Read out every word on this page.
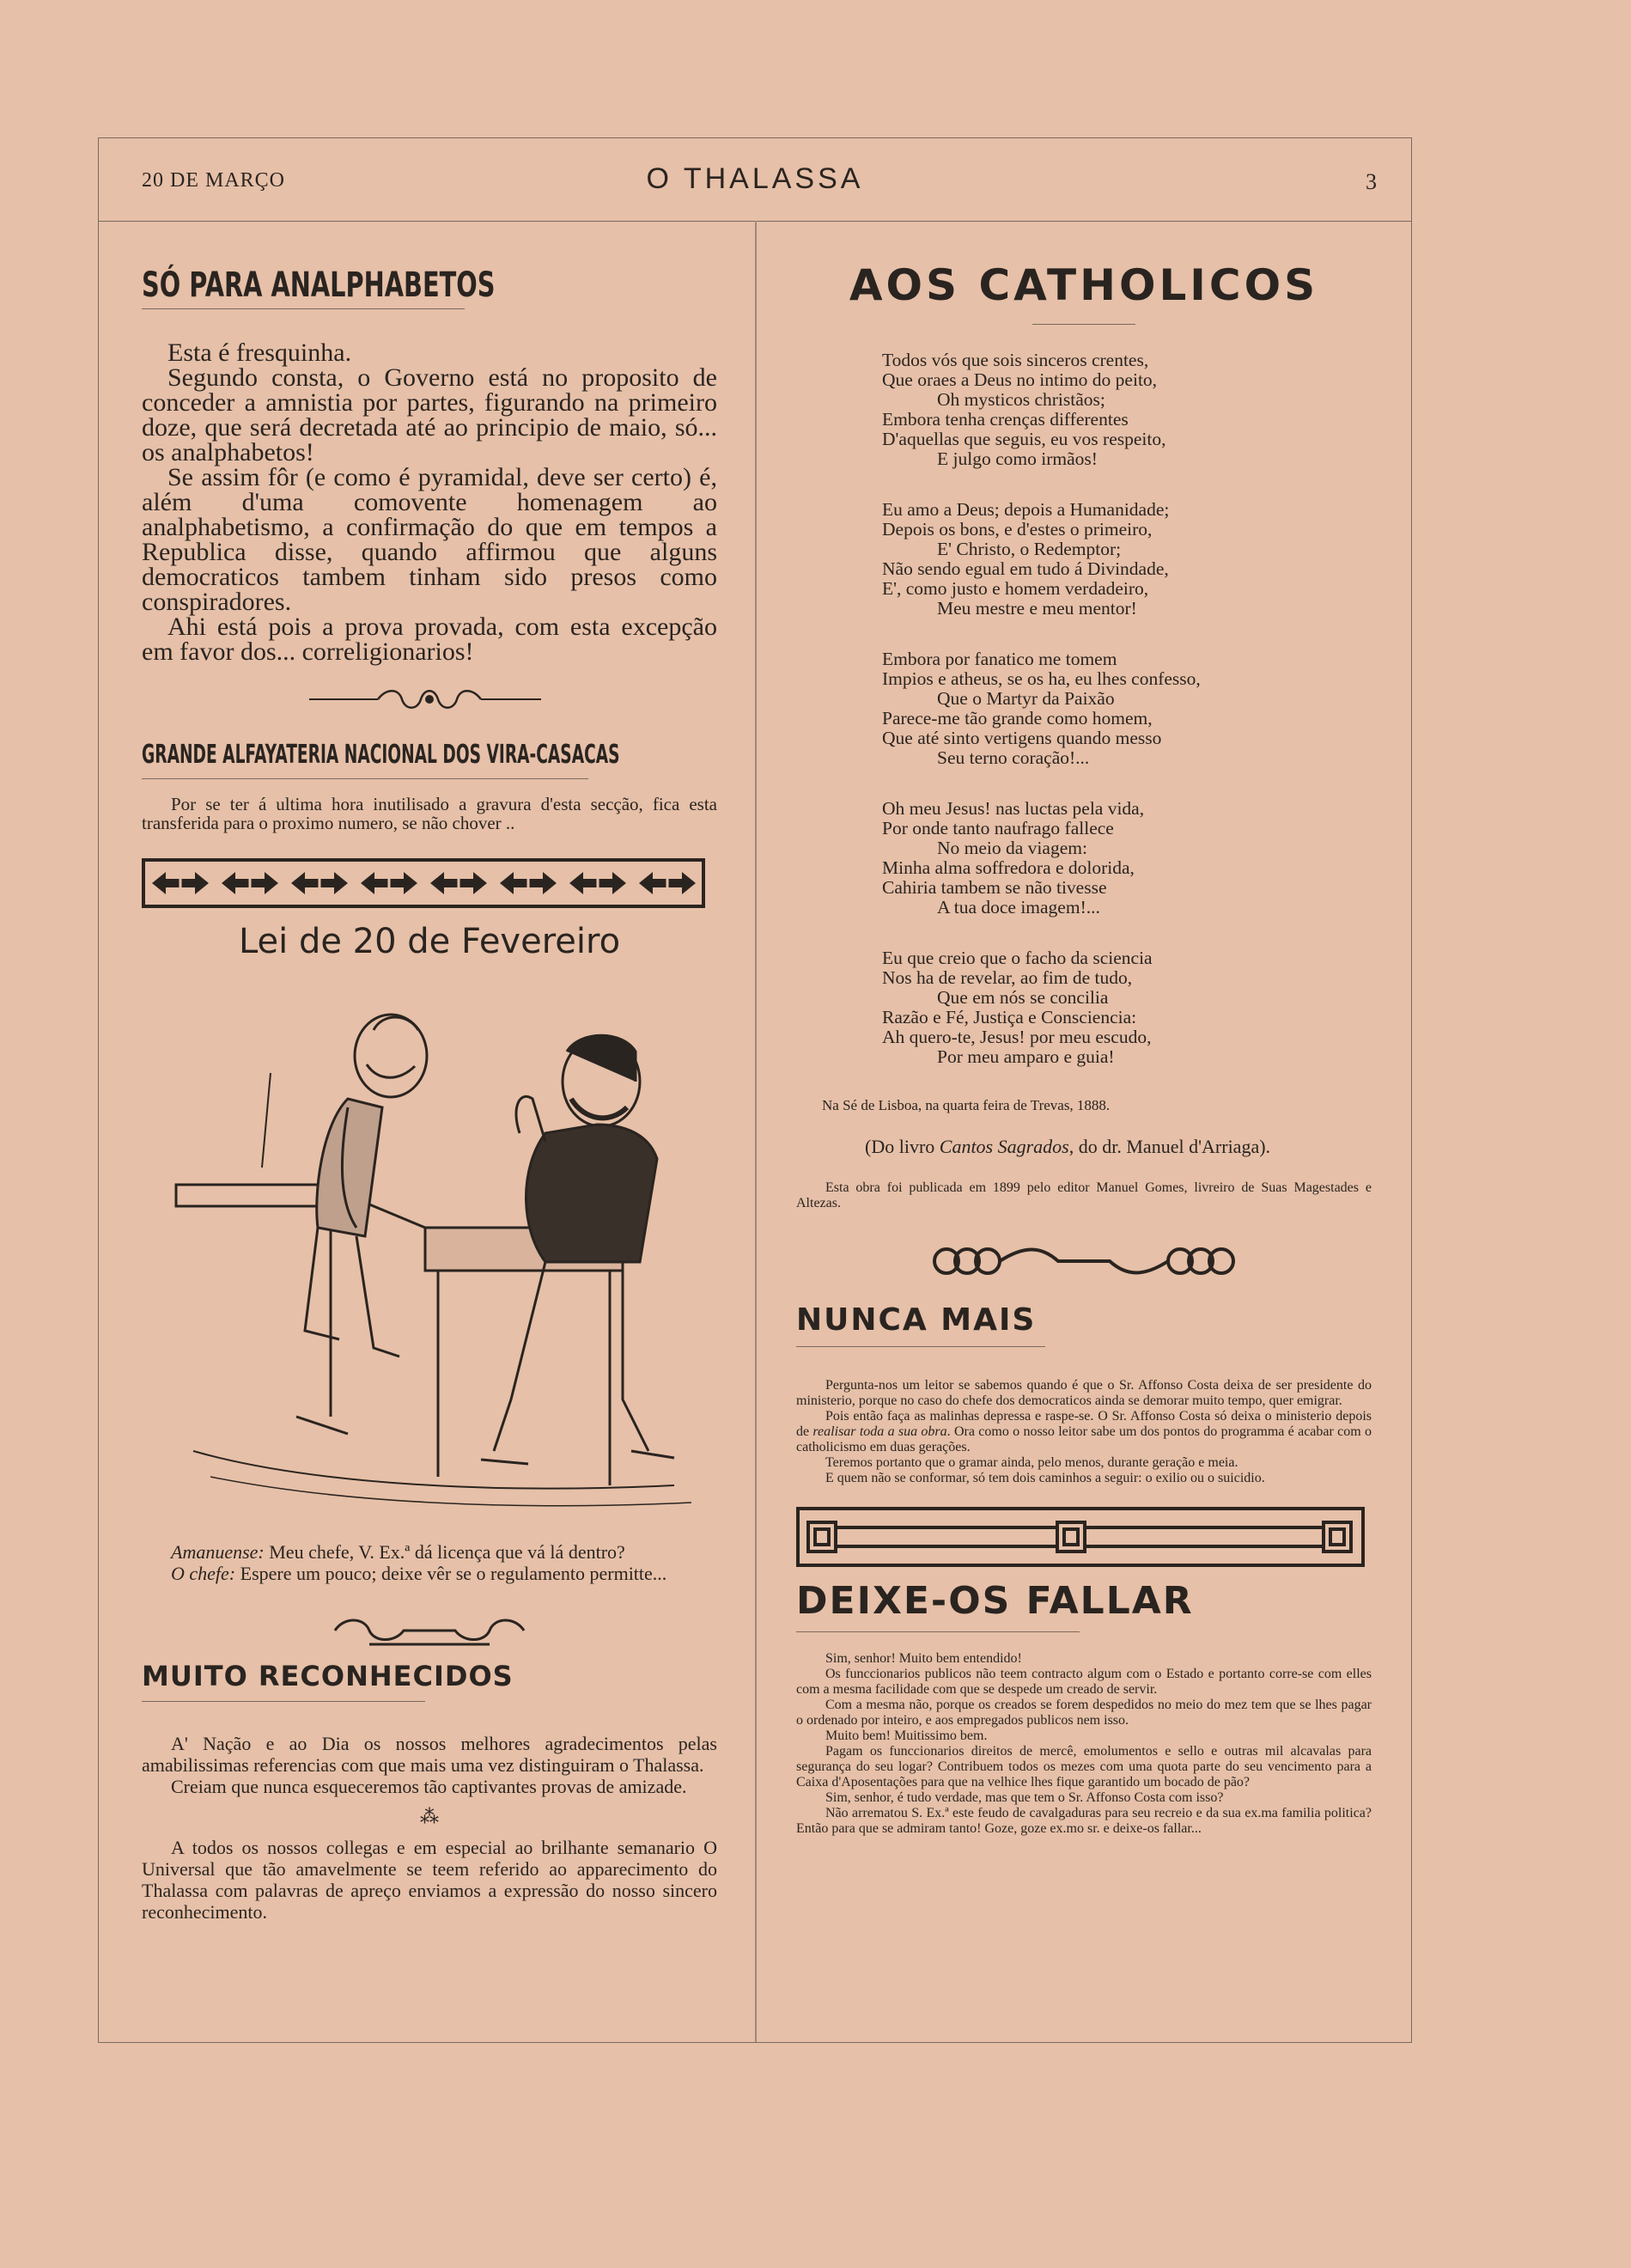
20 DE MARÇO	O THALASSA	3
SÓ PARA ANALPHABETOS

Esta é fresquinha.

Segundo consta, o Governo está no proposito de conceder a amnistia por partes, figurando na primeiro doze, que será decretada até ao principio de maio, só... os analphabetos!

Se assim fôr (e como é pyramidal, deve ser certo) é, além d'uma comovente homenagem ao analphabetismo, a confirmação do que em tempos a Republica disse, quando affirmou que alguns democraticos tambem tinham sido presos como conspiradores.

Ahi está pois a prova provada, com esta excepção em favor dos... correligionarios!

GRANDE ALFAYATERIA NACIONAL DOS VIRA-CASACAS

Por se ter á ultima hora inutilisado a gravura d'esta secção, fica esta transferida para o proximo numero, se não chover ..

Lei de 20 de Fevereiro

Amanuense: Meu chefe, V. Ex.ª dá licença que vá lá dentro?

O chefe: Espere um pouco; deixe vêr se o regulamento permitte...

MUITO RECONHECIDOS

A' Nação e ao Dia os nossos melhores agradecimentos pelas amabilissimas referencias com que mais uma vez distinguiram o Thalassa.

Creiam que nunca esqueceremos tão captivantes provas de amizade.

⁂

A todos os nossos collegas e em especial ao brilhante semanario O Universal que tão amavelmente se teem referido ao apparecimento do Thalassa com palavras de apreço enviamos a expressão do nosso sincero reconhecimento.

AOS CATHOLICOS

Todos vós que sois sinceros crentes,
Que oraes a Deus no intimo do peito,
Oh mysticos christãos;
Embora tenha crenças differentes
D'aquellas que seguis, eu vos respeito,
E julgo como irmãos!

Eu amo a Deus; depois a Humanidade;
Depois os bons, e d'estes o primeiro,
E' Christo, o Redemptor;
Não sendo egual em tudo á Divindade,
E', como justo e homem verdadeiro,
Meu mestre e meu mentor!

Embora por fanatico me tomem
Impios e atheus, se os ha, eu lhes confesso,
Que o Martyr da Paixão
Parece-me tão grande como homem,
Que até sinto vertigens quando messo
Seu terno coração!...

Oh meu Jesus! nas luctas pela vida,
Por onde tanto naufrago fallece
No meio da viagem:
Minha alma soffredora e dolorida,
Cahiria tambem se não tivesse
A tua doce imagem!...

Eu que creio que o facho da sciencia
Nos ha de revelar, ao fim de tudo,
Que em nós se concilia
Razão e Fé, Justiça e Consciencia:
Ah quero-te, Jesus! por meu escudo,
Por meu amparo e guia!

Na Sé de Lisboa, na quarta feira de Trevas, 1888.

(Do livro Cantos Sagrados, do dr. Manuel d'Arriaga).

Esta obra foi publicada em 1899 pelo editor Manuel Gomes, livreiro de Suas Magestades e Altezas.

NUNCA MAIS

Pergunta-nos um leitor se sabemos quando é que o Sr. Affonso Costa deixa de ser presidente do ministerio, porque no caso do chefe dos democraticos ainda se demorar muito tempo, quer emigrar.

Pois então faça as malinhas depressa e raspe-se. O Sr. Affonso Costa só deixa o ministerio depois de realisar toda a sua obra. Ora como o nosso leitor sabe um dos pontos do programma é acabar com o catholicismo em duas gerações.

Teremos portanto que o gramar ainda, pelo menos, durante geração e meia.

E quem não se conformar, só tem dois caminhos a seguir: o exilio ou o suicidio.

DEIXE-OS FALLAR

Sim, senhor! Muito bem entendido!

Os funccionarios publicos não teem contracto algum com o Estado e portanto corre-se com elles com a mesma facilidade com que se despede um creado de servir.

Com a mesma não, porque os creados se forem despedidos no meio do mez tem que se lhes pagar o ordenado por inteiro, e aos empregados publicos nem isso.

Muito bem! Muitissimo bem.

Pagam os funccionarios direitos de mercê, emolumentos e sello e outras mil alcavalas para segurança do seu logar? Contribuem todos os mezes com uma quota parte do seu vencimento para a Caixa d'Aposentações para que na velhice lhes fique garantido um bocado de pão?

Sim, senhor, é tudo verdade, mas que tem o Sr. Affonso Costa com isso?

Não arrematou S. Ex.ª este feudo de cavalgaduras para seu recreio e da sua ex.ma familia politica? Então para que se admiram tanto! Goze, goze ex.mo sr. e deixe-os fallar...
